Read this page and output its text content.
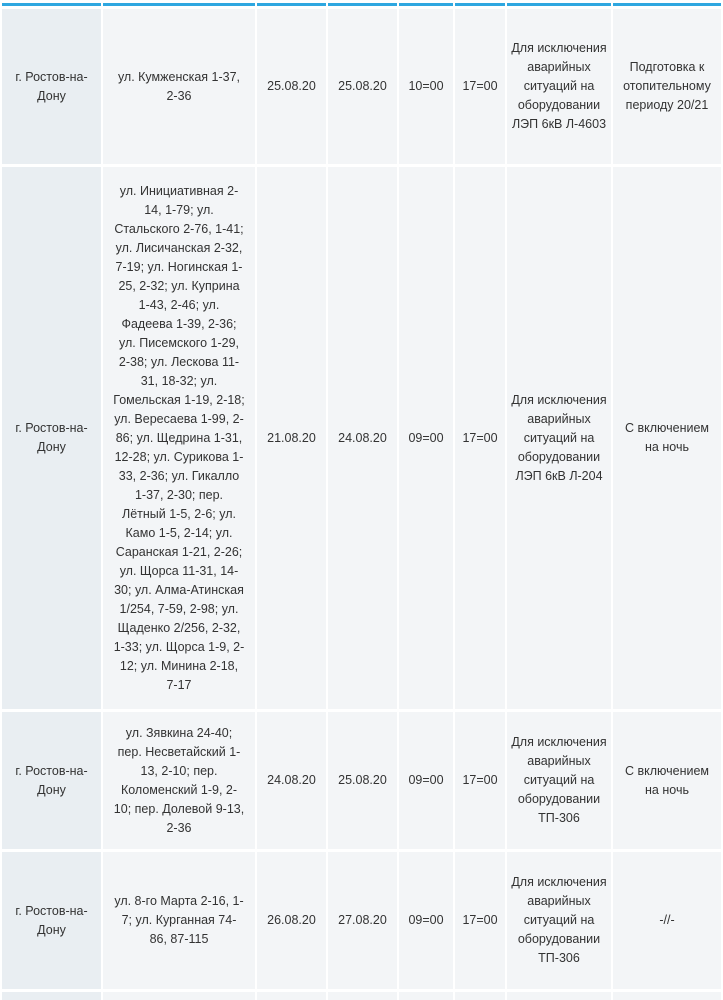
г. Ростов-на-Дону	ул. Кумженская 1-37, 2-36	25.08.20	25.08.20	10=00	17=00	Для исключения аварийных ситуаций на оборудовании ЛЭП 6кВ Л-4603	Подготовка к отопительному периоду 20/21
г. Ростов-на-Дону	ул. Инициативная 2-14, 1-79; ул. Стальского 2-76, 1-41; ул. Лисичанская 2-32, 7-19; ул. Ногинская 1-25, 2-32; ул. Куприна 1-43, 2-46; ул. Фадеева 1-39, 2-36; ул. Писемского 1-29, 2-38; ул. Лескова 11-31, 18-32; ул. Гомельская 1-19, 2-18; ул. Вересаева 1-99, 2-86; ул. Щедрина 1-31, 12-28; ул. Сурикова 1-33, 2-36; ул. Гикалло 1-37, 2-30; пер. Лётный 1-5, 2-6; ул. Камо 1-5, 2-14; ул. Саранская 1-21, 2-26; ул. Щорса 11-31, 14-30; ул. Алма-Атинская 1/254, 7-59, 2-98; ул. Щаденко 2/256, 2-32, 1-33; ул. Щорса 1-9, 2-12; ул. Минина 2-18, 7-17	21.08.20	24.08.20	09=00	17=00	Для исключения аварийных ситуаций на оборудовании ЛЭП 6кВ Л-204	С включением на ночь
г. Ростов-на-Дону	ул. Зявкина 24-40; пер. Несветайский 1-13, 2-10; пер. Коломенский 1-9, 2-10; пер. Долевой 9-13, 2-36	24.08.20	25.08.20	09=00	17=00	Для исключения аварийных ситуаций на оборудовании ТП-306	С включением на ночь
г. Ростов-на-Дону	ул. 8-го Марта 2-16, 1-7; ул. Курганная 74-86, 87-115	26.08.20	27.08.20	09=00	17=00	Для исключения аварийных ситуаций на оборудовании ТП-306	-//-
